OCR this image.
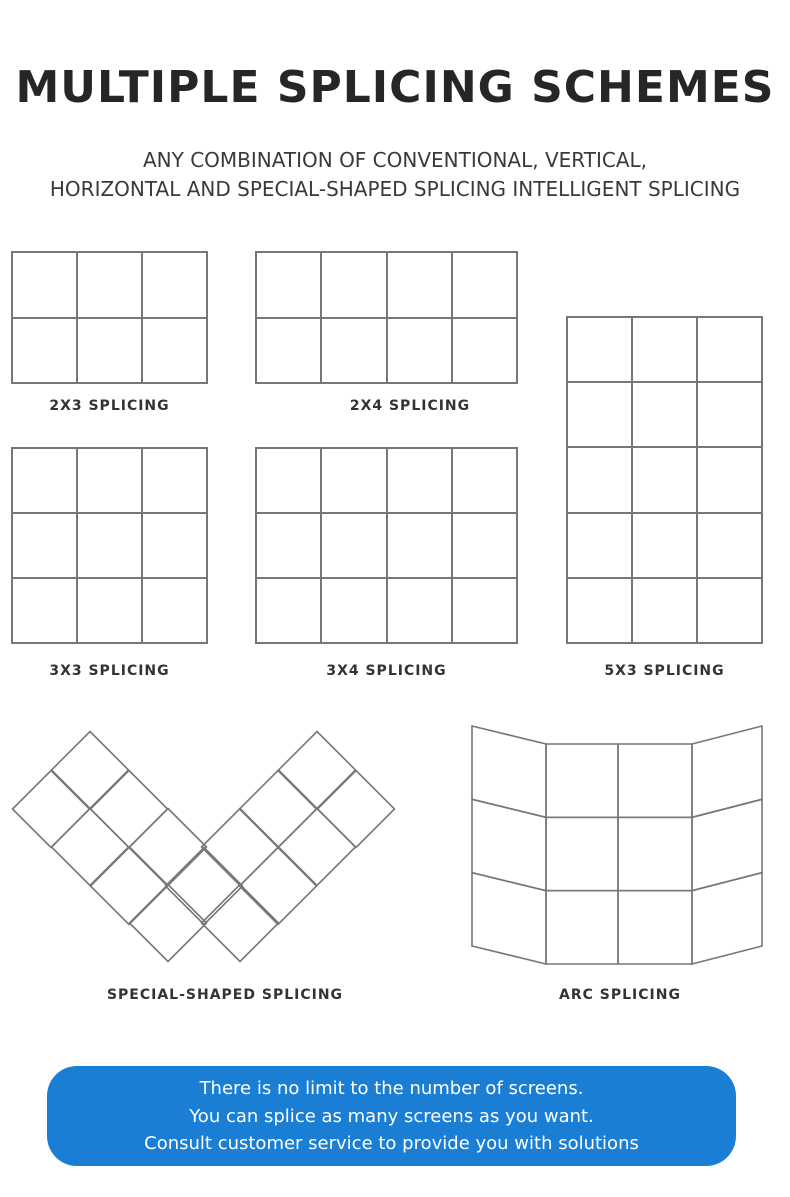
MULTIPLE SPLICING SCHEMES
ANY COMBINATION OF CONVENTIONAL, VERTICAL,
HORIZONTAL AND SPECIAL-SHAPED SPLICING INTELLIGENT SPLICING
2X3 SPLICING	2X4 SPLICING
5X3 SPLICING
3X3 SPLICING	3X4 SPLICING
SPECIAL-SHAPED SPLICING	ARC SPLICING
There is no limit to the number of screens.
You can splice as many screens as you want.
Consult customer service to provide you with solutions
